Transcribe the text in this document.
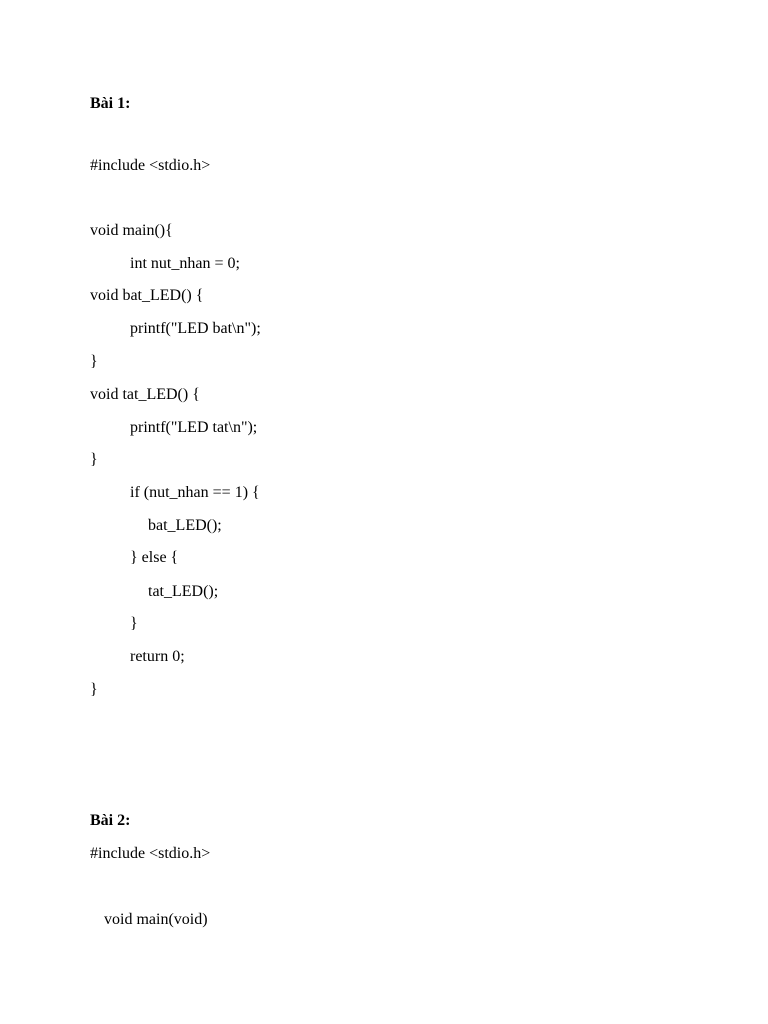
Bài 1:
#include <stdio.h>
void main(){
int nut_nhan = 0;
void bat_LED() {
printf("LED bat\n");
}
void tat_LED() {
printf("LED tat\n");
}
if (nut_nhan == 1) {
bat_LED();
} else {
tat_LED();
}
return 0;
}
Bài 2:
#include <stdio.h>
void main(void)
